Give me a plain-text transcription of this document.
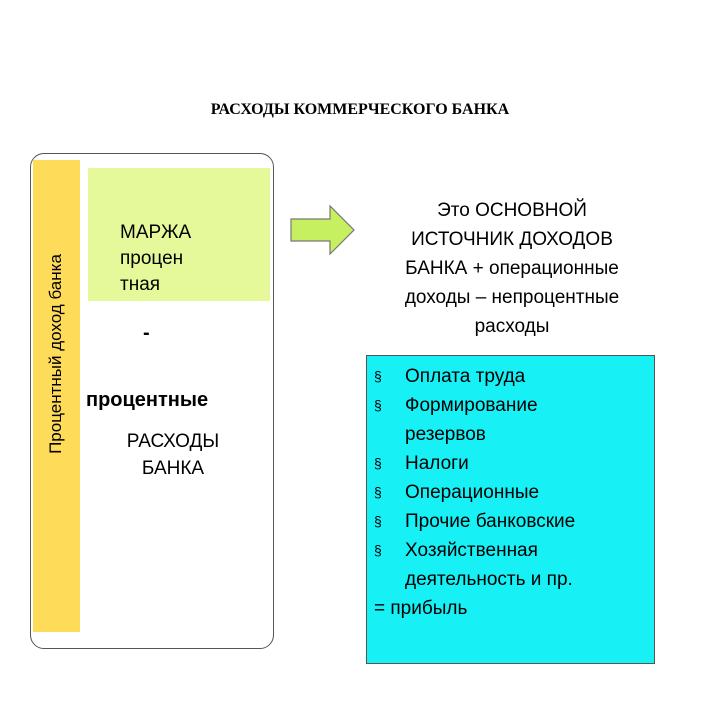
РАСХОДЫ КОММЕРЧЕСКОГО БАНКА
Процентный доход банка
МАРЖА
процен
тная
-
процентные
РАСХОДЫ
БАНКА
Это ОСНОВНОЙ
ИСТОЧНИК ДОХОДОВ
БАНКА + операционные
доходы – непроцентные
расходы
§ Оплата труда
§ Формирование
резервов
§ Налоги
§ Операционные
§ Прочие банковские
§ Хозяйственная
деятельность и пр.
= прибыль
